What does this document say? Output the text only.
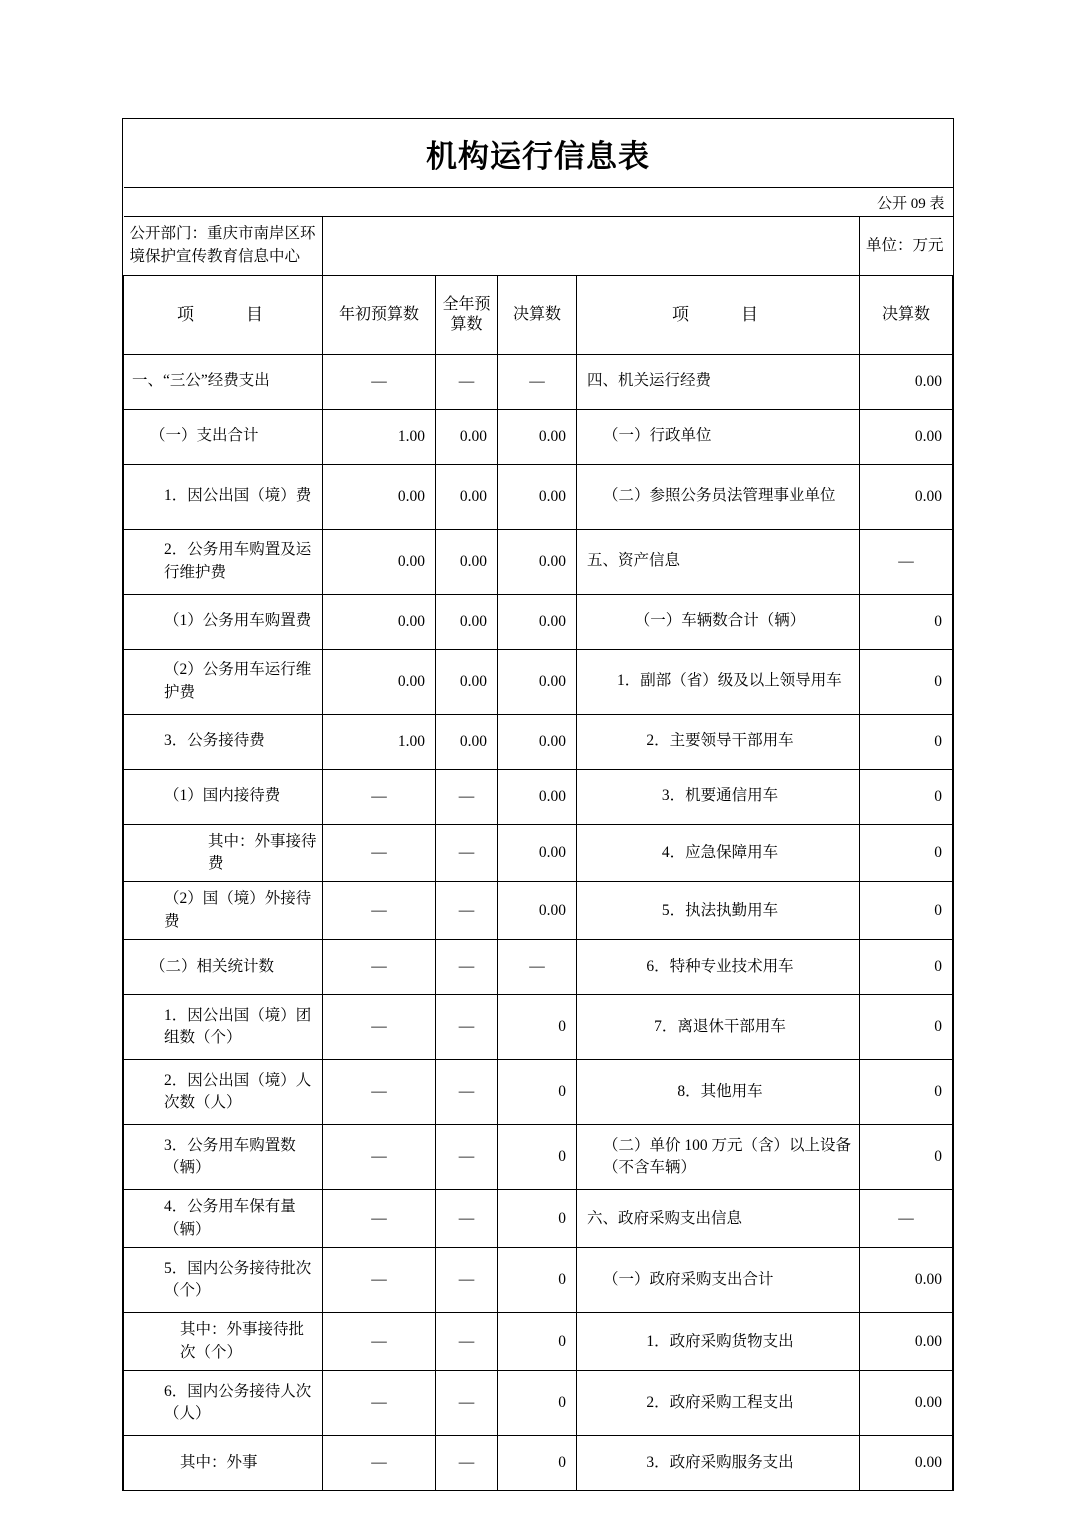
机构运行信息表					
公开 09 表					
公开部门：重庆市南岸区环境保护宣传教育信息中心					单位：万元
项　　目	年初预算数	全年预算数	决算数	项　　目	决算数
一、“三公”经费支出	—	—	—	四、机关运行经费	0.00
（一）支出合计	1.00	0.00	0.00	（一）行政单位	0.00
1．因公出国（境）费	0.00	0.00	0.00	（二）参照公务员法管理事业单位	0.00
2．公务用车购置及运行维护费	0.00	0.00	0.00	五、资产信息	—
（1）公务用车购置费	0.00	0.00	0.00	（一）车辆数合计（辆）	0
（2）公务用车运行维护费	0.00	0.00	0.00	1．副部（省）级及以上领导用车	0
3．公务接待费	1.00	0.00	0.00	2．主要领导干部用车	0
（1）国内接待费	—	—	0.00	3．机要通信用车	0
其中：外事接待费	—	—	0.00	4．应急保障用车	0
（2）国（境）外接待费	—	—	0.00	5．执法执勤用车	0
（二）相关统计数	—	—	—	6．特种专业技术用车	0
1．因公出国（境）团组数（个）	—	—	0	7．离退休干部用车	0
2．因公出国（境）人次数（人）	—	—	0	8．其他用车	0
3．公务用车购置数（辆）	—	—	0	（二）单价 100 万元（含）以上设备（不含车辆）	0
4．公务用车保有量（辆）	—	—	0	六、政府采购支出信息	—
5．国内公务接待批次（个）	—	—	0	（一）政府采购支出合计	0.00
其中：外事接待批次（个）	—	—	0	1．政府采购货物支出	0.00
6．国内公务接待人次（人）	—	—	0	2．政府采购工程支出	0.00
其中：外事	—	—	0	3．政府采购服务支出	0.00
